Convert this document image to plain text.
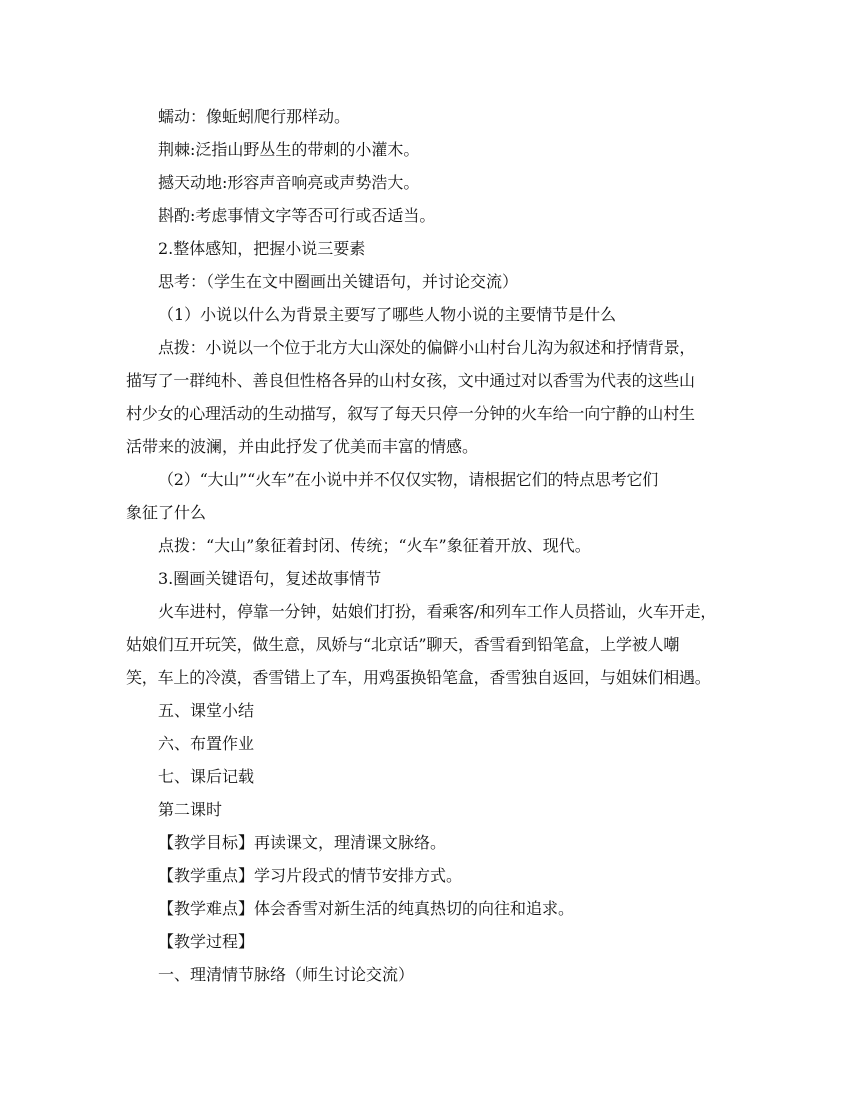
蠕动：像蚯蚓爬行那样动。
荆棘:泛指山野丛生的带刺的小灌木。
撼天动地:形容声音响亮或声势浩大。
斟酌:考虑事情文字等否可行或否适当。
2.整体感知，把握小说三要素
思考：（学生在文中圈画出关键语句，并讨论交流）
（1）小说以什么为背景主要写了哪些人物小说的主要情节是什么
点拨：小说以一个位于北方大山深处的偏僻小山村台儿沟为叙述和抒情背景，
描写了一群纯朴、善良但性格各异的山村女孩，文中通过对以香雪为代表的这些山
村少女的心理活动的生动描写，叙写了每天只停一分钟的火车给一向宁静的山村生
活带来的波澜，并由此抒发了优美而丰富的情感。
（2）“大山”“火车”在小说中并不仅仅实物，请根据它们的特点思考它们
象征了什么
点拨：“大山”象征着封闭、传统；“火车”象征着开放、现代。
3.圈画关键语句，复述故事情节
火车进村，停靠一分钟，姑娘们打扮，看乘客/和列车工作人员搭讪，火车开走，
姑娘们互开玩笑，做生意，凤娇与“北京话”聊天，香雪看到铅笔盒，上学被人嘲
笑，车上的冷漠，香雪错上了车，用鸡蛋换铅笔盒，香雪独自返回，与姐妹们相遇。
五、课堂小结
六、布置作业
七、课后记载
第二课时
【教学目标】再读课文，理清课文脉络。
【教学重点】学习片段式的情节安排方式。
【教学难点】体会香雪对新生活的纯真热切的向往和追求。
【教学过程】
一、理清情节脉络（师生讨论交流）
